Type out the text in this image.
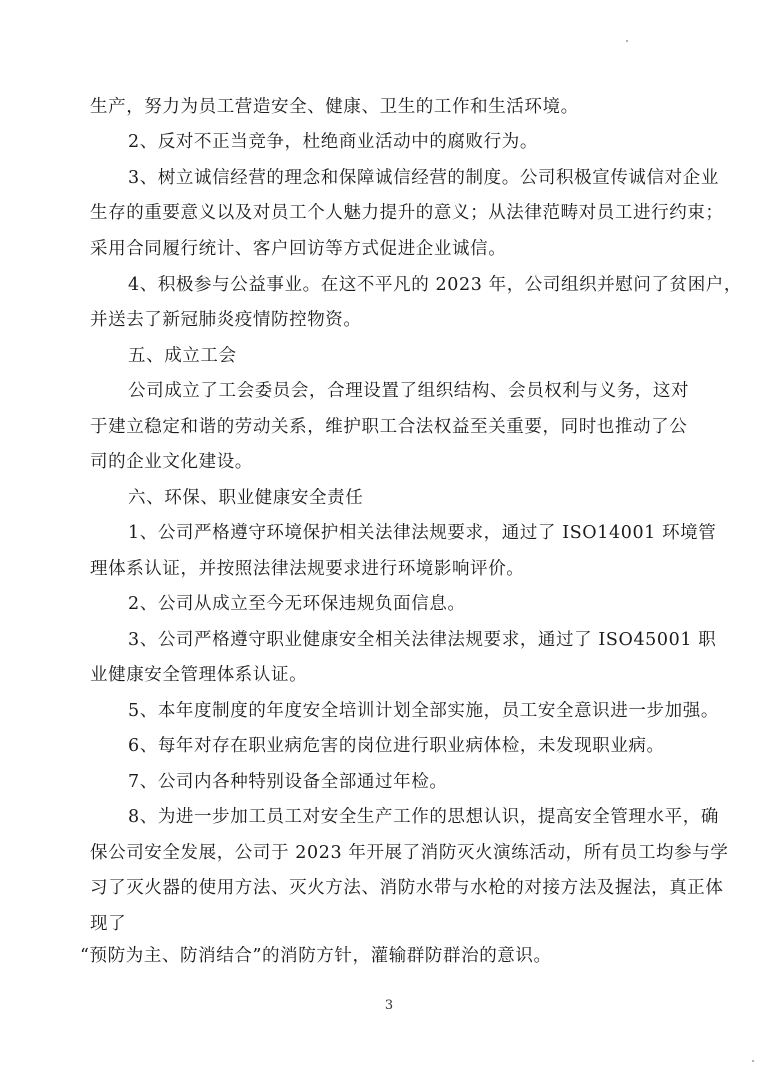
生产，努力为员工营造安全、健康、卫生的工作和生活环境。
2、反对不正当竞争，杜绝商业活动中的腐败行为。
3、树立诚信经营的理念和保障诚信经营的制度。公司积极宣传诚信对企业
生存的重要意义以及对员工个人魅力提升的意义；从法律范畴对员工进行约束；
采用合同履行统计、客户回访等方式促进企业诚信。
4、积极参与公益事业。在这不平凡的 2023 年，公司组织并慰问了贫困户，
并送去了新冠肺炎疫情防控物资。
五、成立工会
公司成立了工会委员会，合理设置了组织结构、会员权利与义务，这对
于建立稳定和谐的劳动关系，维护职工合法权益至关重要，同时也推动了公
司的企业文化建设。
六、环保、职业健康安全责任
1、公司严格遵守环境保护相关法律法规要求，通过了 ISO14001 环境管
理体系认证，并按照法律法规要求进行环境影响评价。
2、公司从成立至今无环保违规负面信息。
3、公司严格遵守职业健康安全相关法律法规要求，通过了 ISO45001 职
业健康安全管理体系认证。
5、本年度制度的年度安全培训计划全部实施，员工安全意识进一步加强。
6、每年对存在职业病危害的岗位进行职业病体检，未发现职业病。
7、公司内各种特别设备全部通过年检。
8、为进一步加工员工对安全生产工作的思想认识，提高安全管理水平，确
保公司安全发展，公司于 2023 年开展了消防灭火演练活动，所有员工均参与学
习了灭火器的使用方法、灭火方法、消防水带与水枪的对接方法及握法，真正体
现了
“预防为主、防消结合”的消防方针，灌输群防群治的意识。
3
